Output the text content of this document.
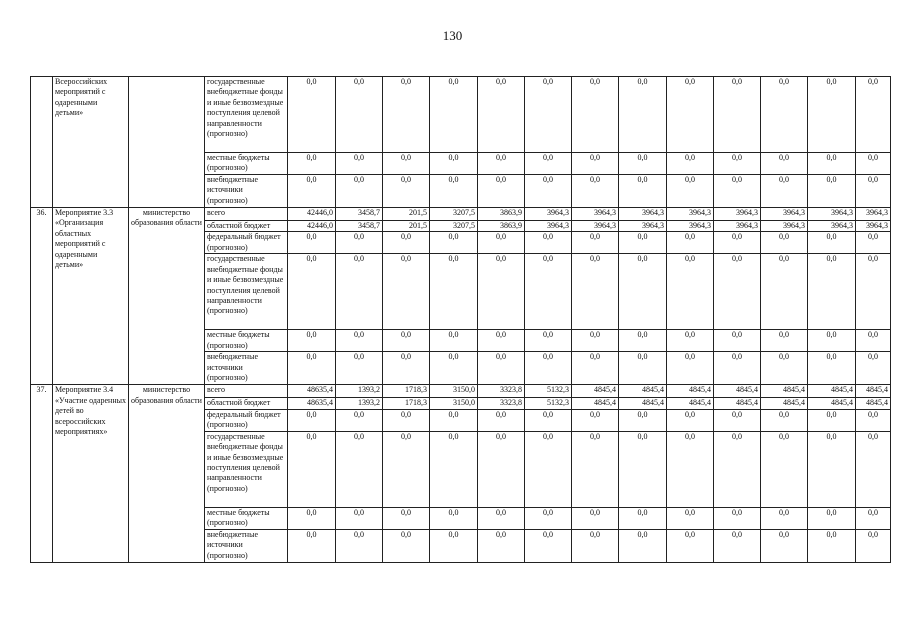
130
	Всероссийских мероприятий с одаренными детьми»		государственные внебюджетные фонды и иные безвозмездные поступления целевой направленности (прогнозно)	0,0	0,0	0,0	0,0	0,0	0,0	0,0	0,0	0,0	0,0	0,0	0,0	0,0
			местные бюджеты (прогнозно)	0,0	0,0	0,0	0,0	0,0	0,0	0,0	0,0	0,0	0,0	0,0	0,0	0,0
			внебюджетные источники (прогнозно)	0,0	0,0	0,0	0,0	0,0	0,0	0,0	0,0	0,0	0,0	0,0	0,0	0,0
36.	Мероприятие 3.3 «Организация областных мероприятий с одаренными детьми»	министерство образования области	всего	42446,0	3458,7	201,5	3207,5	3863,9	3964,3	3964,3	3964,3	3964,3	3964,3	3964,3	3964,3	3964,3
			областной бюджет	42446,0	3458,7	201,5	3207,5	3863,9	3964,3	3964,3	3964,3	3964,3	3964,3	3964,3	3964,3	3964,3
			федеральный бюджет (прогнозно)	0,0	0,0	0,0	0,0	0,0	0,0	0,0	0,0	0,0	0,0	0,0	0,0	0,0
			государственные внебюджетные фонды и иные безвозмездные поступления целевой направленности (прогнозно)	0,0	0,0	0,0	0,0	0,0	0,0	0,0	0,0	0,0	0,0	0,0	0,0	0,0
			местные бюджеты (прогнозно)	0,0	0,0	0,0	0,0	0,0	0,0	0,0	0,0	0,0	0,0	0,0	0,0	0,0
			внебюджетные источники (прогнозно)	0,0	0,0	0,0	0,0	0,0	0,0	0,0	0,0	0,0	0,0	0,0	0,0	0,0
37.	Мероприятие 3.4 «Участие одаренных детей во всероссийских мероприятиях»	министерство образования области	всего	48635,4	1393,2	1718,3	3150,0	3323,8	5132,3	4845,4	4845,4	4845,4	4845,4	4845,4	4845,4	4845,4
			областной бюджет	48635,4	1393,2	1718,3	3150,0	3323,8	5132,3	4845,4	4845,4	4845,4	4845,4	4845,4	4845,4	4845,4
			федеральный бюджет (прогнозно)	0,0	0,0	0,0	0,0	0,0	0,0	0,0	0,0	0,0	0,0	0,0	0,0	0,0
			государственные внебюджетные фонды и иные безвозмездные поступления целевой направленности (прогнозно)	0,0	0,0	0,0	0,0	0,0	0,0	0,0	0,0	0,0	0,0	0,0	0,0	0,0
			местные бюджеты (прогнозно)	0,0	0,0	0,0	0,0	0,0	0,0	0,0	0,0	0,0	0,0	0,0	0,0	0,0
			внебюджетные источники (прогнозно)	0,0	0,0	0,0	0,0	0,0	0,0	0,0	0,0	0,0	0,0	0,0	0,0	0,0
